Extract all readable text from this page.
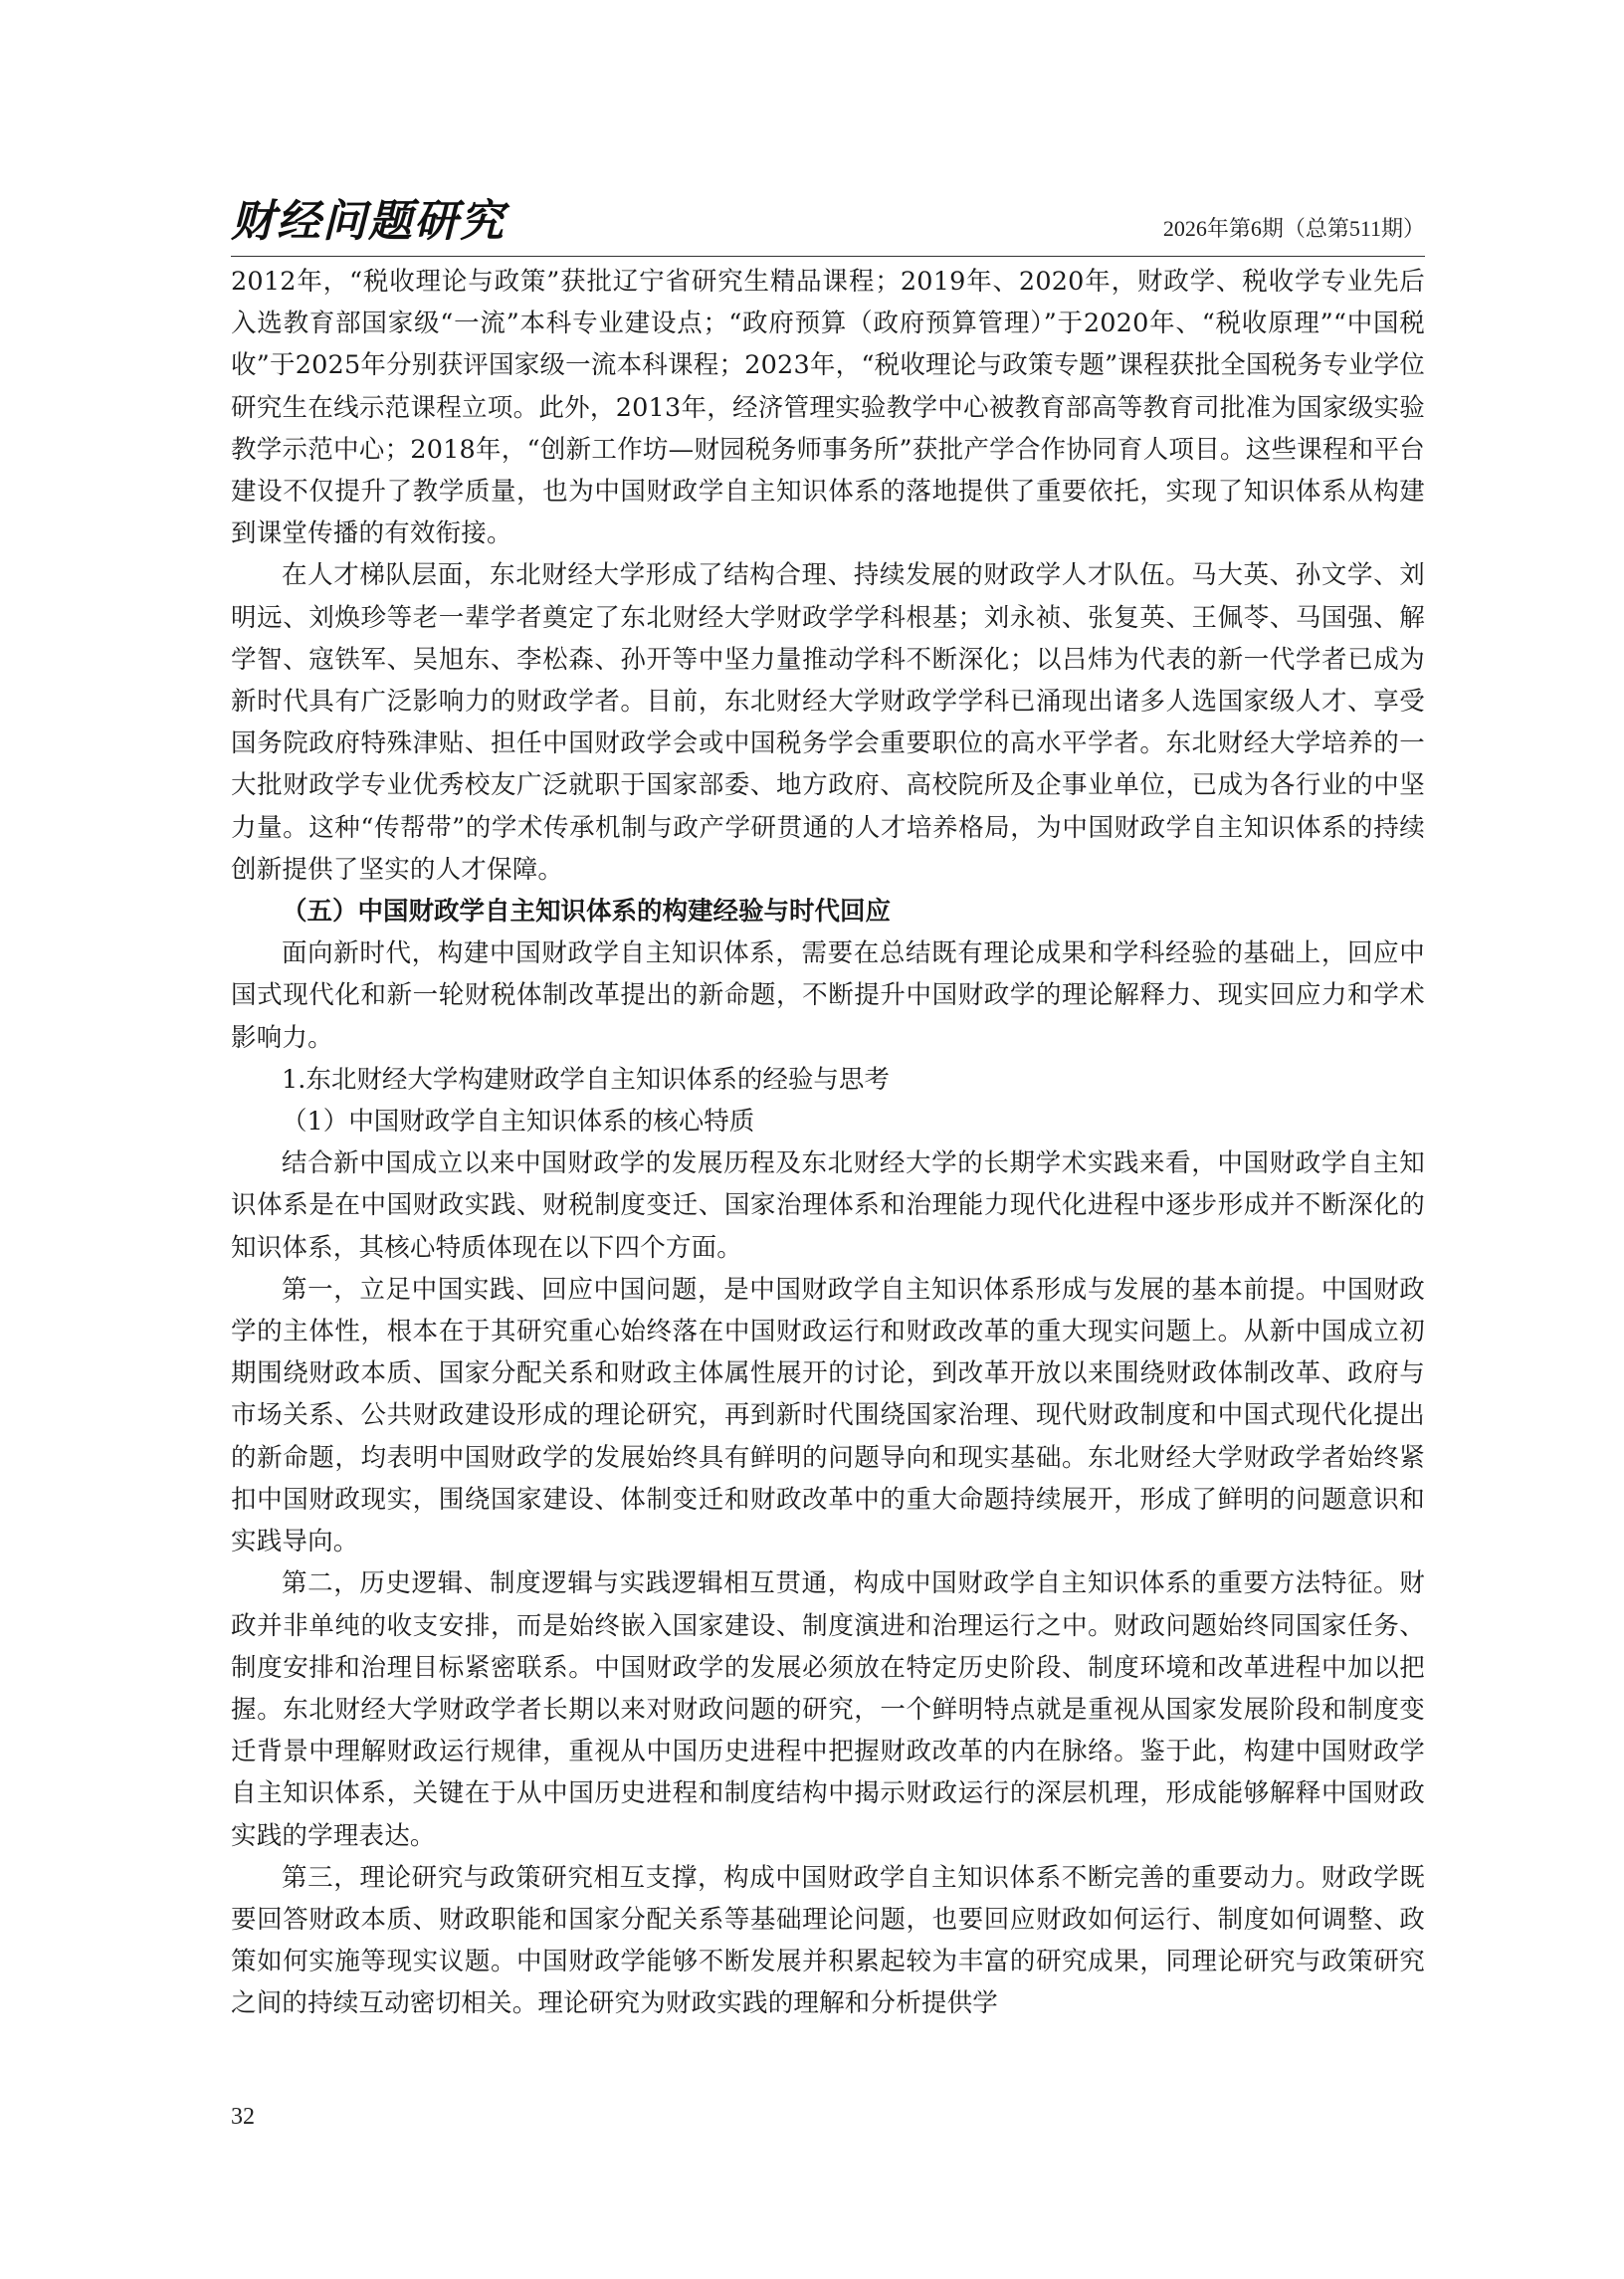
财经问题研究	2026年第6期（总第511期）

2012年，“税收理论与政策”获批辽宁省研究生精品课程；2019年、2020年，财政学、税收学专业先后入选教育部国家级“一流”本科专业建设点；“政府预算（政府预算管理）”于2020年、“税收原理”“中国税收”于2025年分别获评国家级一流本科课程；2023年，“税收理论与政策专题”课程获批全国税务专业学位研究生在线示范课程立项。此外，2013年，经济管理实验教学中心被教育部高等教育司批准为国家级实验教学示范中心；2018年，“创新工作坊—财园税务师事务所”获批产学合作协同育人项目。这些课程和平台建设不仅提升了教学质量，也为中国财政学自主知识体系的落地提供了重要依托，实现了知识体系从构建到课堂传播的有效衔接。

在人才梯队层面，东北财经大学形成了结构合理、持续发展的财政学人才队伍。马大英、孙文学、刘明远、刘焕珍等老一辈学者奠定了东北财经大学财政学学科根基；刘永祯、张复英、王佩苓、马国强、解学智、寇铁军、吴旭东、李松森、孙开等中坚力量推动学科不断深化；以吕炜为代表的新一代学者已成为新时代具有广泛影响力的财政学者。目前，东北财经大学财政学学科已涌现出诸多人选国家级人才、享受国务院政府特殊津贴、担任中国财政学会或中国税务学会重要职位的高水平学者。东北财经大学培养的一大批财政学专业优秀校友广泛就职于国家部委、地方政府、高校院所及企事业单位，已成为各行业的中坚力量。这种“传帮带”的学术传承机制与政产学研贯通的人才培养格局，为中国财政学自主知识体系的持续创新提供了坚实的人才保障。

（五）中国财政学自主知识体系的构建经验与时代回应

面向新时代，构建中国财政学自主知识体系，需要在总结既有理论成果和学科经验的基础上，回应中国式现代化和新一轮财税体制改革提出的新命题，不断提升中国财政学的理论解释力、现实回应力和学术影响力。

1.东北财经大学构建财政学自主知识体系的经验与思考

（1）中国财政学自主知识体系的核心特质

结合新中国成立以来中国财政学的发展历程及东北财经大学的长期学术实践来看，中国财政学自主知识体系是在中国财政实践、财税制度变迁、国家治理体系和治理能力现代化进程中逐步形成并不断深化的知识体系，其核心特质体现在以下四个方面。

第一，立足中国实践、回应中国问题，是中国财政学自主知识体系形成与发展的基本前提。中国财政学的主体性，根本在于其研究重心始终落在中国财政运行和财政改革的重大现实问题上。从新中国成立初期围绕财政本质、国家分配关系和财政主体属性展开的讨论，到改革开放以来围绕财政体制改革、政府与市场关系、公共财政建设形成的理论研究，再到新时代围绕国家治理、现代财政制度和中国式现代化提出的新命题，均表明中国财政学的发展始终具有鲜明的问题导向和现实基础。东北财经大学财政学者始终紧扣中国财政现实，围绕国家建设、体制变迁和财政改革中的重大命题持续展开，形成了鲜明的问题意识和实践导向。

第二，历史逻辑、制度逻辑与实践逻辑相互贯通，构成中国财政学自主知识体系的重要方法特征。财政并非单纯的收支安排，而是始终嵌入国家建设、制度演进和治理运行之中。财政问题始终同国家任务、制度安排和治理目标紧密联系。中国财政学的发展必须放在特定历史阶段、制度环境和改革进程中加以把握。东北财经大学财政学者长期以来对财政问题的研究，一个鲜明特点就是重视从国家发展阶段和制度变迁背景中理解财政运行规律，重视从中国历史进程中把握财政改革的内在脉络。鉴于此，构建中国财政学自主知识体系，关键在于从中国历史进程和制度结构中揭示财政运行的深层机理，形成能够解释中国财政实践的学理表达。

第三，理论研究与政策研究相互支撑，构成中国财政学自主知识体系不断完善的重要动力。财政学既要回答财政本质、财政职能和国家分配关系等基础理论问题，也要回应财政如何运行、制度如何调整、政策如何实施等现实议题。中国财政学能够不断发展并积累起较为丰富的研究成果，同理论研究与政策研究之间的持续互动密切相关。理论研究为财政实践的理解和分析提供学

32
